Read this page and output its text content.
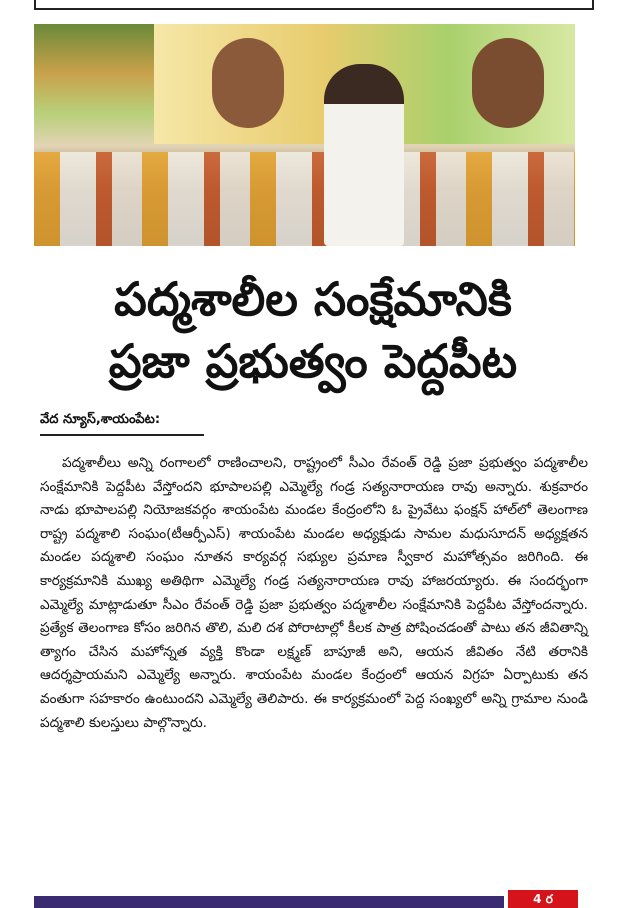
పద్మశాలీల సంక్షేమానికి
ప్రజా ప్రభుత్వం పెద్దపీట
వేద న్యూస్,శాయంపేట:

పద్మశాలీలు అన్ని రంగాలలో రాణించాలని, రాష్ట్రంలో సీఎం రేవంత్ రెడ్డి ప్రజా ప్రభుత్వం పద్మశాలీల సంక్షేమానికి పెద్దపీట వేస్తోందని భూపాలపల్లి ఎమ్మెల్యే గండ్ర సత్యనారాయణ రావు అన్నారు. శుక్రవారం నాడు భూపాలపల్లి నియోజకవర్గం శాయంపేట మండల కేంద్రంలోని ఓ ప్రైవేటు ఫంక్షన్ హాల్‌లో తెలంగాణ రాష్ట్ర పద్మశాలి సంఘం(టీఆర్పీఎస్) శాయంపేట మండల అధ్యక్షుడు సామల మధుసూదన్ అధ్యక్షతన మండల పద్మశాలి సంఘం నూతన కార్యవర్గ సభ్యుల ప్రమాణ స్వీకార మహోత్సవం జరిగింది. ఈ కార్యక్రమానికి ముఖ్య అతిథిగా ఎమ్మెల్యే గండ్ర సత్యనారాయణ రావు హాజరయ్యారు. ఈ సందర్భంగా ఎమ్మెల్యే మాట్లాడుతూ సీఎం రేవంత్ రెడ్డి ప్రజా ప్రభుత్వం పద్మశాలీల సంక్షేమానికి పెద్దపీట వేస్తోందన్నారు. ప్రత్యేక తెలంగాణ కోసం జరిగిన తొలి, మలి దశ పోరాటాల్లో కీలక పాత్ర పోషించడంతో పాటు తన జీవితాన్ని త్యాగం చేసిన మహోన్నత వ్యక్తి కొండా లక్ష్మణ్ బాపూజీ అని, ఆయన జీవితం నేటి తరానికి ఆదర్శప్రాయమని ఎమ్మెల్యే అన్నారు. శాయంపేట మండల కేంద్రంలో ఆయన విగ్రహ ఏర్పాటుకు తన వంతుగా సహకారం ఉంటుందని ఎమ్మెల్యే తెలిపారు. ఈ కార్యక్రమంలో పెద్ద సంఖ్యలో అన్ని గ్రామాల నుండి పద్మశాలి కులస్తులు పాల్గొన్నారు.

4 ర
